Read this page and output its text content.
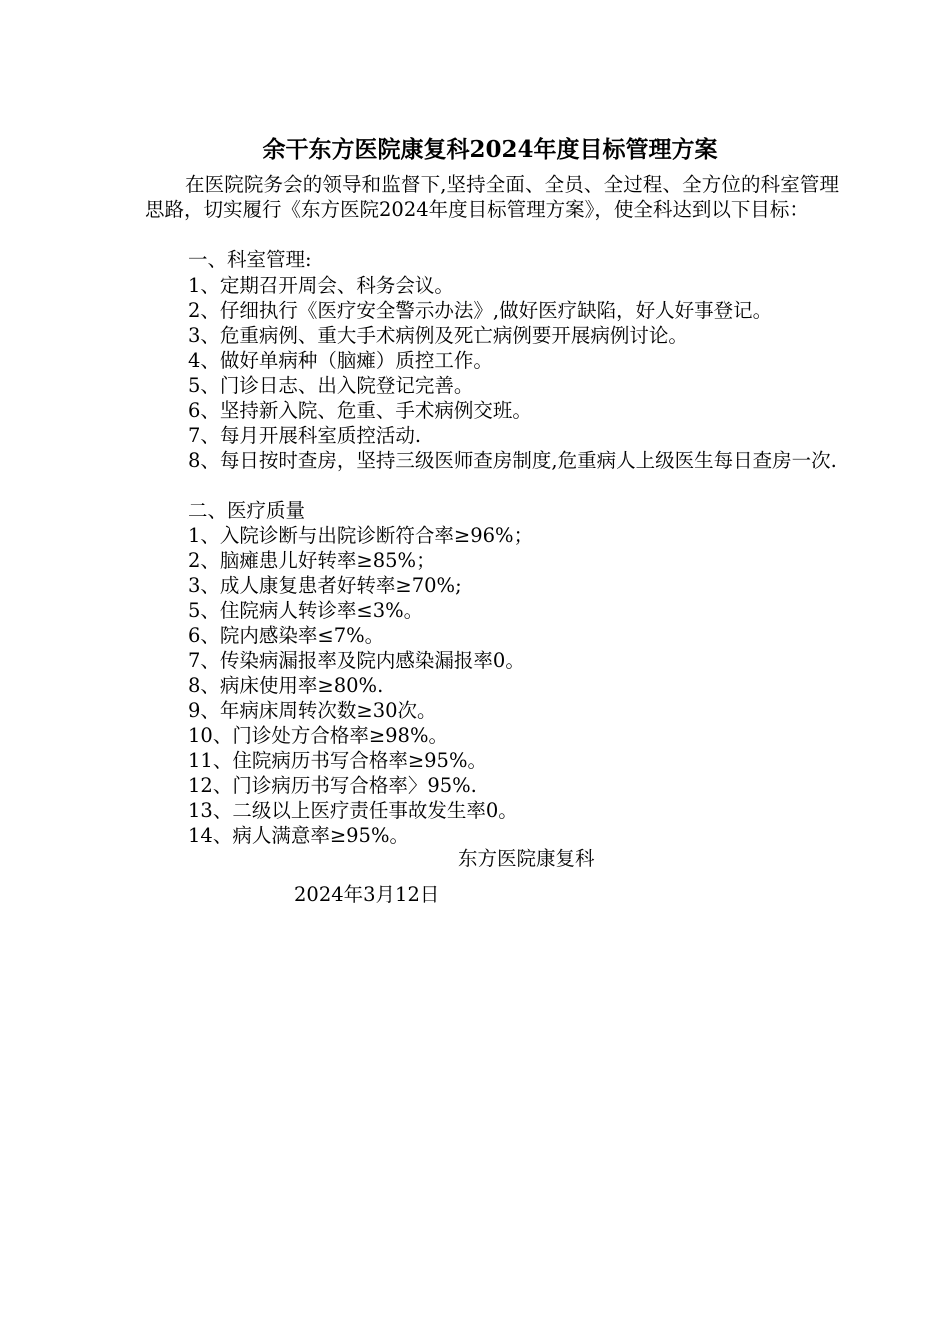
余干东方医院康复科2024年度目标管理方案

在医院院务会的领导和监督下,坚持全面、全员、全过程、全方位的科室管理思路，切实履行《东方医院2024年度目标管理方案》，使全科达到以下目标：

一、科室管理:
1、定期召开周会、科务会议。
2、仔细执行《医疗安全警示办法》,做好医疗缺陷，好人好事登记。
3、危重病例、重大手术病例及死亡病例要开展病例讨论。
4、做好单病种（脑瘫）质控工作。
5、门诊日志、出入院登记完善。
6、坚持新入院、危重、手术病例交班。
7、每月开展科室质控活动.

8、每日按时查房，坚持三级医师查房制度,危重病人上级医生每日查房一次.

二、医疗质量
1、入院诊断与出院诊断符合率≥96%；
2、脑瘫患儿好转率≥85%；
3、成人康复患者好转率≥70%;
5、住院病人转诊率≤3%。
6、院内感染率≤7%。
7、传染病漏报率及院内感染漏报率0。
8、病床使用率≥80%.
9、年病床周转次数≥30次。
10、门诊处方合格率≥98%。
11、住院病历书写合格率≥95%。
12、门诊病历书写合格率〉95%.
13、二级以上医疗责任事故发生率0。
14、病人满意率≥95%。
东方医院康复科
2024年3月12日
